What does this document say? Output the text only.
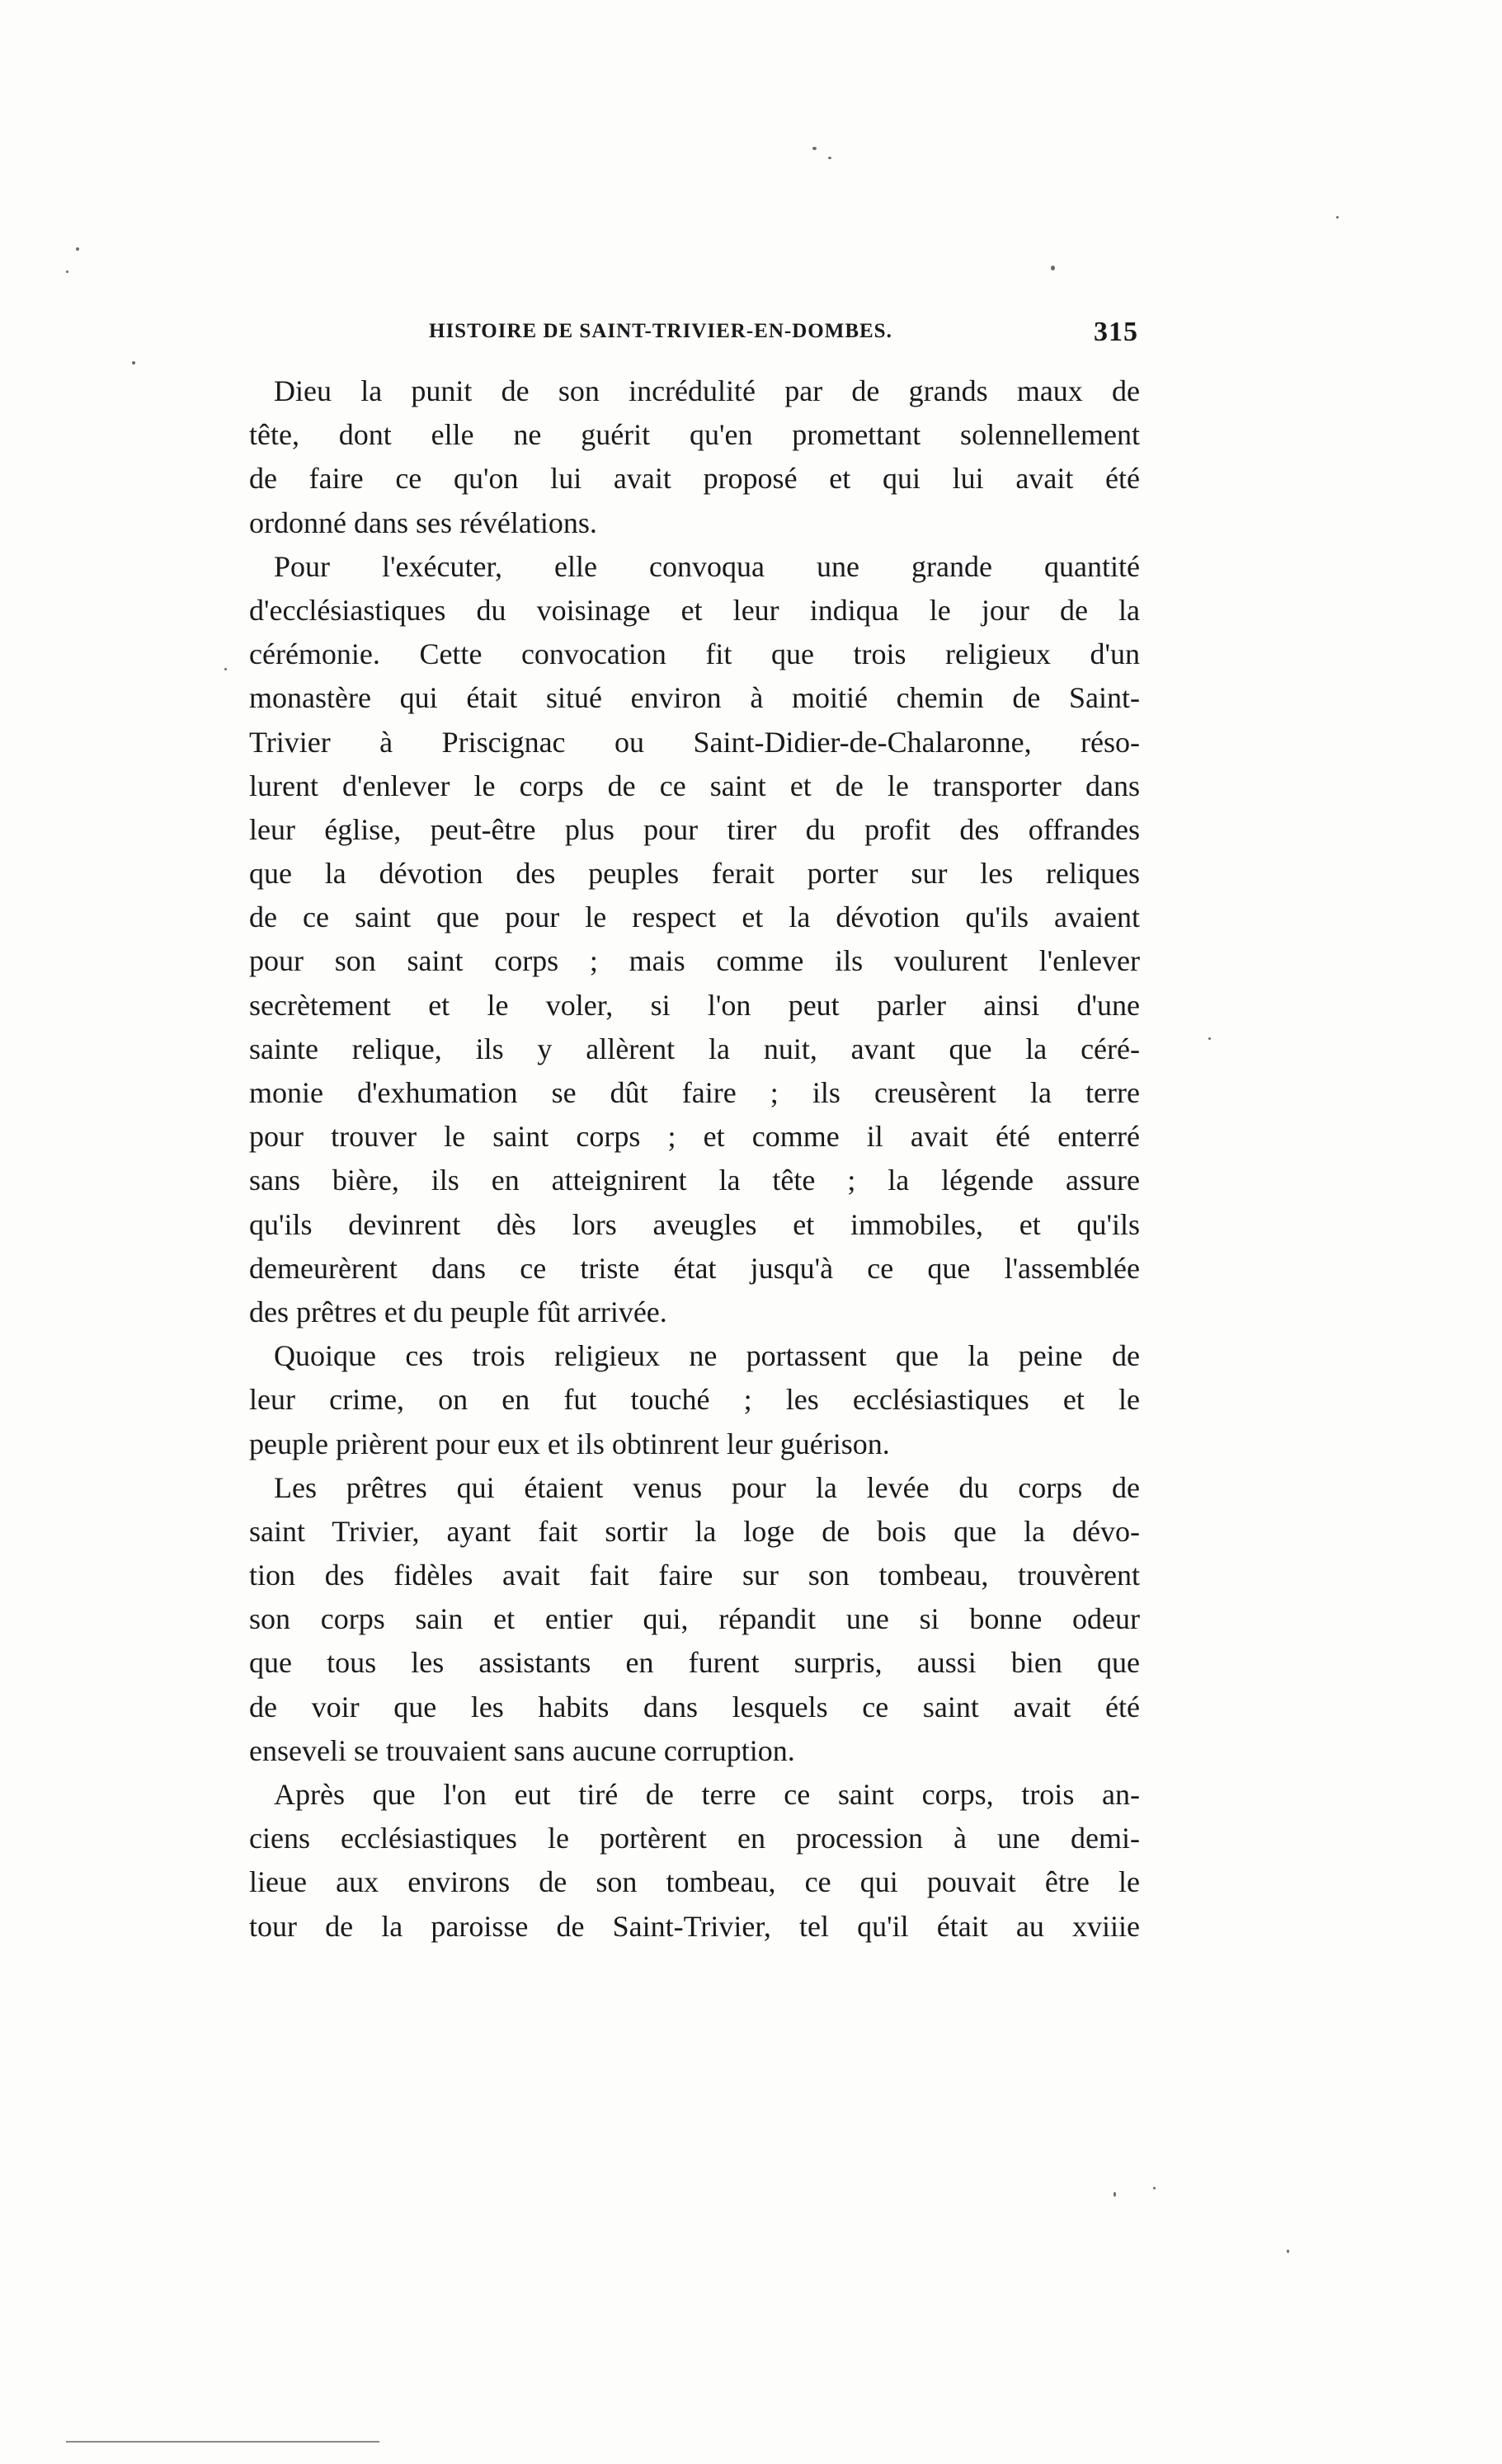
HISTOIRE DE SAINT-TRIVIER-EN-DOMBES.	315
Dieu la punit de son incrédulité par de grands maux de
tête, dont elle ne guérit qu'en promettant solennellement
de faire ce qu'on lui avait proposé et qui lui avait été
ordonné dans ses révélations.
Pour l'exécuter, elle convoqua une grande quantité
d'ecclésiastiques du voisinage et leur indiqua le jour de la
cérémonie. Cette convocation fit que trois religieux d'un
monastère qui était situé environ à moitié chemin de Saint-
Trivier à Priscignac ou Saint-Didier-de-Chalaronne, réso-
lurent d'enlever le corps de ce saint et de le transporter dans
leur église, peut-être plus pour tirer du profit des offrandes
que la dévotion des peuples ferait porter sur les reliques
de ce saint que pour le respect et la dévotion qu'ils avaient
pour son saint corps ; mais comme ils voulurent l'enlever
secrètement et le voler, si l'on peut parler ainsi d'une
sainte relique, ils y allèrent la nuit, avant que la céré-
monie d'exhumation se dût faire ; ils creusèrent la terre
pour trouver le saint corps ; et comme il avait été enterré
sans bière, ils en atteignirent la tête ; la légende assure
qu'ils devinrent dès lors aveugles et immobiles, et qu'ils
demeurèrent dans ce triste état jusqu'à ce que l'assemblée
des prêtres et du peuple fût arrivée.
Quoique ces trois religieux ne portassent que la peine de
leur crime, on en fut touché ; les ecclésiastiques et le
peuple prièrent pour eux et ils obtinrent leur guérison.
Les prêtres qui étaient venus pour la levée du corps de
saint Trivier, ayant fait sortir la loge de bois que la dévo-
tion des fidèles avait fait faire sur son tombeau, trouvèrent
son corps sain et entier qui, répandit une si bonne odeur
que tous les assistants en furent surpris, aussi bien que
de voir que les habits dans lesquels ce saint avait été
enseveli se trouvaient sans aucune corruption.
Après que l'on eut tiré de terre ce saint corps, trois an-
ciens ecclésiastiques le portèrent en procession à une demi-
lieue aux environs de son tombeau, ce qui pouvait être le
tour de la paroisse de Saint-Trivier, tel qu'il était au xviiie
